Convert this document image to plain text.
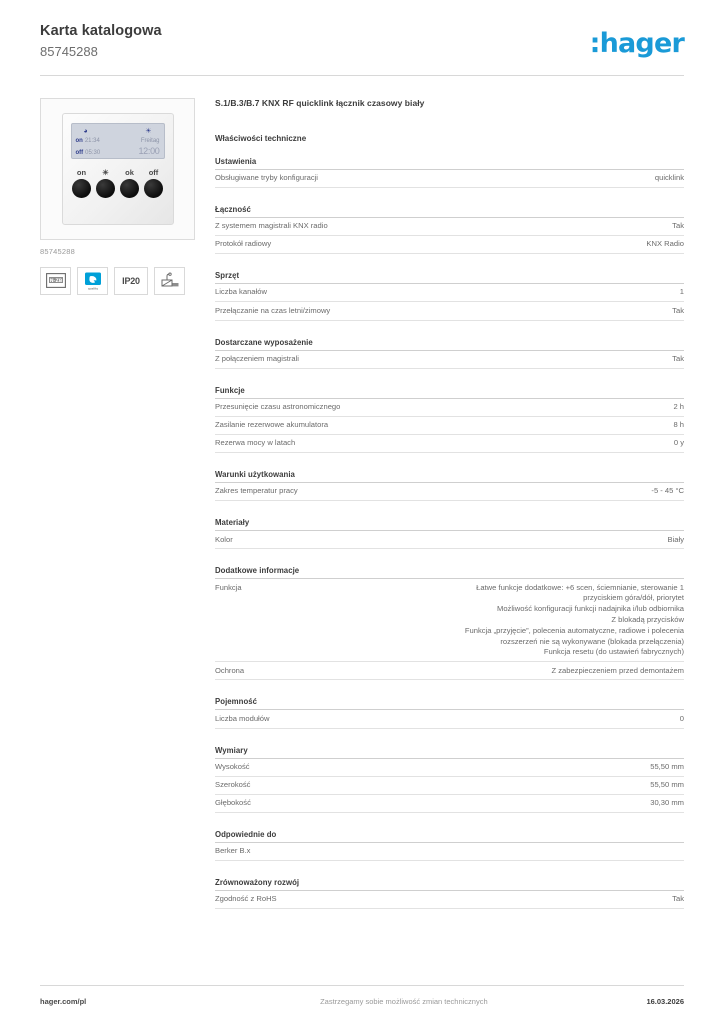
Karta katalogowa
85745288	:hager
◕	☀
on 21:34	Freitag
off 05:30	12:00
on	☀	ok	off
85745288
N-ZB
quality
IP20
S.1/B.3/B.7 KNX RF quicklink łącznik czasowy biały
Właściwości techniczne
Ustawienia
Obsługiwane tryby konfiguracji	quicklink
Łączność
Z systemem magistrali KNX radio	Tak
Protokół radiowy	KNX Radio
Sprzęt
Liczba kanałów	1
Przełączanie na czas letni/zimowy	Tak
Dostarczane wyposażenie
Z połączeniem magistrali	Tak
Funkcje
Przesunięcie czasu astronomicznego	2 h
Zasilanie rezerwowe akumulatora	8 h
Rezerwa mocy w latach	0 y
Warunki użytkowania
Zakres temperatur pracy	-5 - 45 °C
Materiały
Kolor	Biały
Dodatkowe informacje
Funkcja	Łatwe funkcje dodatkowe: +6 scen, ściemnianie, sterowanie 1
przyciskiem góra/dół, priorytet
Możliwość konfiguracji funkcji nadajnika i/lub odbiornika
Z blokadą przycisków
Funkcja „przyjęcie”, polecenia automatyczne, radiowe i polecenia
rozszerzeń nie są wykonywane (blokada przełączenia)
Funkcja resetu (do ustawień fabrycznych)
Ochrona	Z zabezpieczeniem przed demontażem
Pojemność
Liczba modułów	0
Wymiary
Wysokość	55,50 mm
Szerokość	55,50 mm
Głębokość	30,30 mm
Odpowiednie do
Berker B.x
Zrównoważony rozwój
Zgodność z RoHS	Tak
hager.com/pl	Zastrzegamy sobie możliwość zmian technicznych	16.03.2026
